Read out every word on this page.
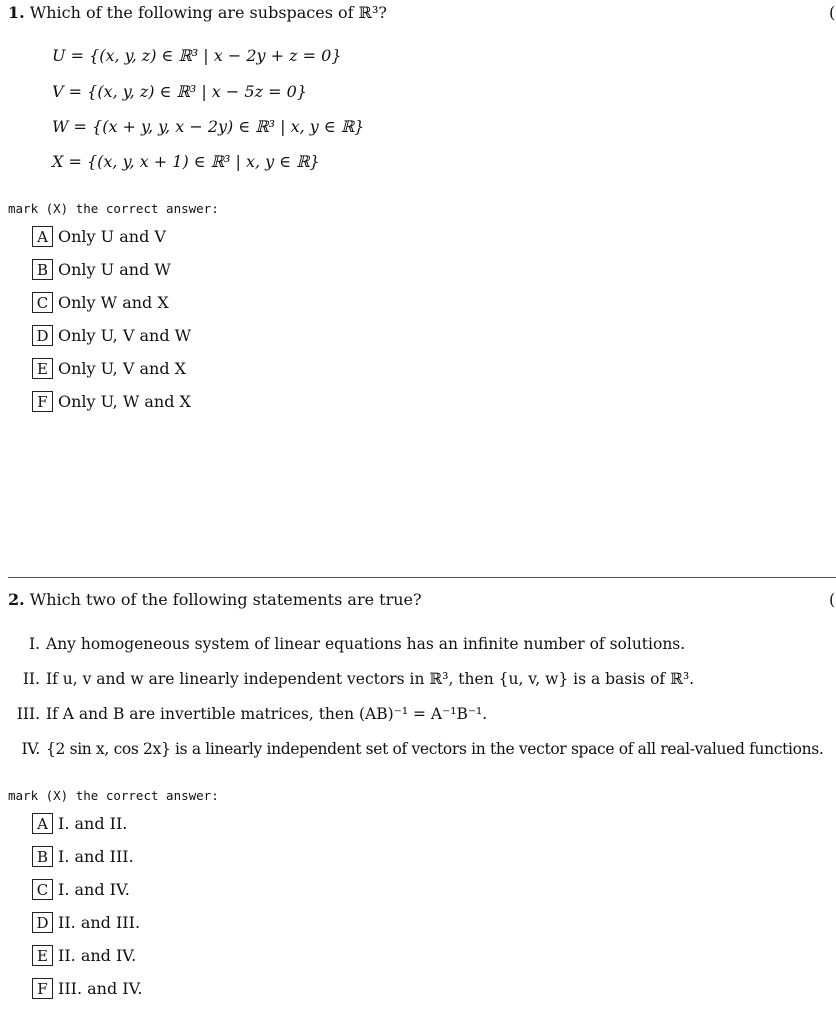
1. Which of the following are subspaces of ℝ³?	(
U = {(x, y, z) ∈ ℝ³ | x − 2y + z = 0}
V = {(x, y, z) ∈ ℝ³ | x − 5z = 0}
W = {(x + y, y, x − 2y) ∈ ℝ³ | x, y ∈ ℝ}
X = {(x, y, x + 1) ∈ ℝ³ | x, y ∈ ℝ}
mark (X) the correct answer:
A Only U and V
B Only U and W
C Only W and X
D Only U, V and W
E Only U, V and X
F Only U, W and X
2. Which two of the following statements are true?	(
I. Any homogeneous system of linear equations has an infinite number of solutions.
II. If u, v and w are linearly independent vectors in ℝ³, then {u, v, w} is a basis of ℝ³.
III. If A and B are invertible matrices, then (AB)⁻¹ = A⁻¹B⁻¹.
IV. {2 sin x, cos 2x} is a linearly independent set of vectors in the vector space of all real-valued functions.
mark (X) the correct answer:
A I. and II.
B I. and III.
C I. and IV.
D II. and III.
E II. and IV.
F III. and IV.
